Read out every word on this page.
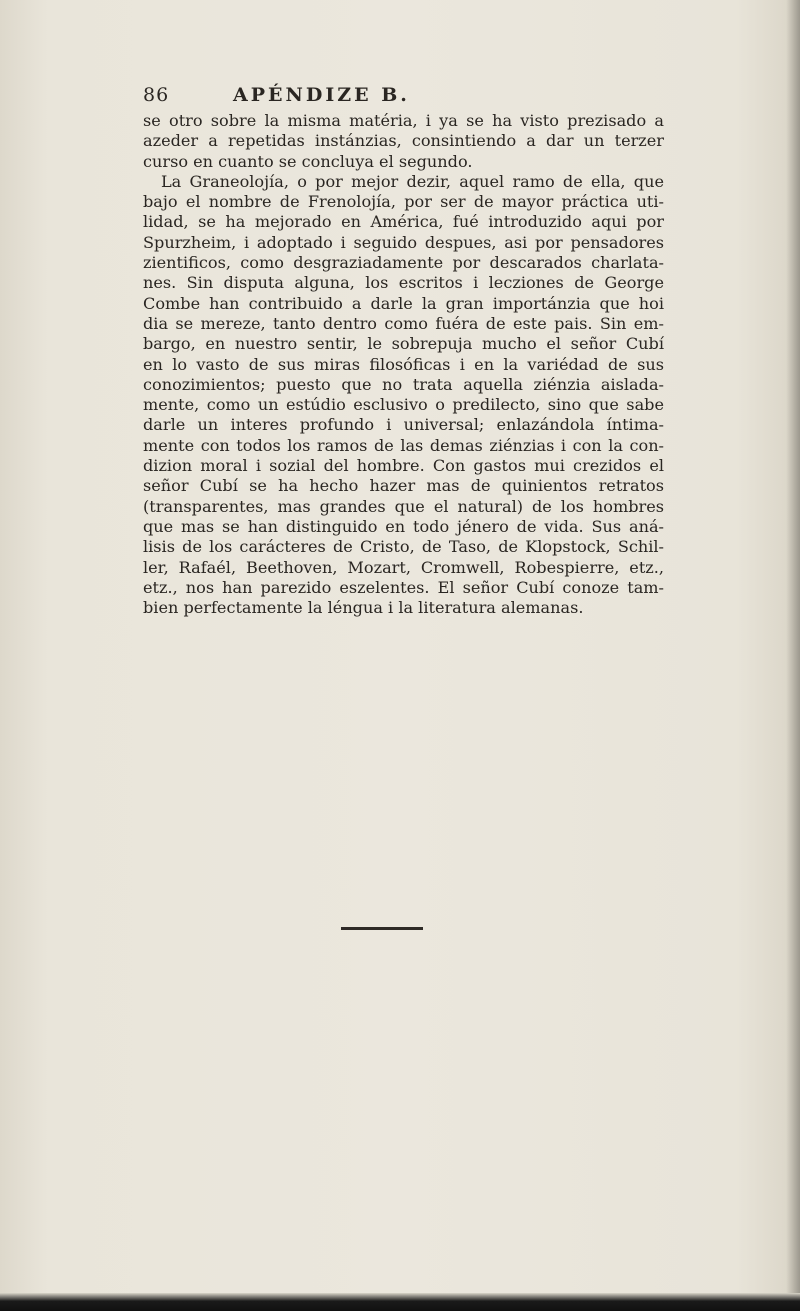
86	APÉNDIZE B.
se otro sobre la misma matéria, i ya se ha visto prezisado a
azeder a repetidas instánzias, consintiendo a dar un terzer
curso en cuanto se concluya el segundo.
La Graneolojía, o por mejor dezir, aquel ramo de ella, que
bajo el nombre de Frenolojía, por ser de mayor práctica uti-
lidad, se ha mejorado en América, fué introduzido aqui por
Spurzheim, i adoptado i seguido despues, asi por pensadores
zientificos, como desgraziadamente por descarados charlata-
nes. Sin disputa alguna, los escritos i lecziones de George
Combe han contribuido a darle la gran importánzia que hoi
dia se mereze, tanto dentro como fuéra de este pais. Sin em-
bargo, en nuestro sentir, le sobrepuja mucho el señor Cubí
en lo vasto de sus miras filosóficas i en la variédad de sus
conozimientos; puesto que no trata aquella ziénzia aislada-
mente, como un estúdio esclusivo o predilecto, sino que sabe
darle un interes profundo i universal; enlazándola íntima-
mente con todos los ramos de las demas ziénzias i con la con-
dizion moral i sozial del hombre. Con gastos mui crezidos el
señor Cubí se ha hecho hazer mas de quinientos retratos
(transparentes, mas grandes que el natural) de los hombres
que mas se han distinguido en todo jénero de vida. Sus aná-
lisis de los carácteres de Cristo, de Taso, de Klopstock, Schil-
ler, Rafaél, Beethoven, Mozart, Cromwell, Robespierre, etz.,
etz., nos han parezido eszelentes. El señor Cubí conoze tam-
bien perfectamente la léngua i la literatura alemanas.
